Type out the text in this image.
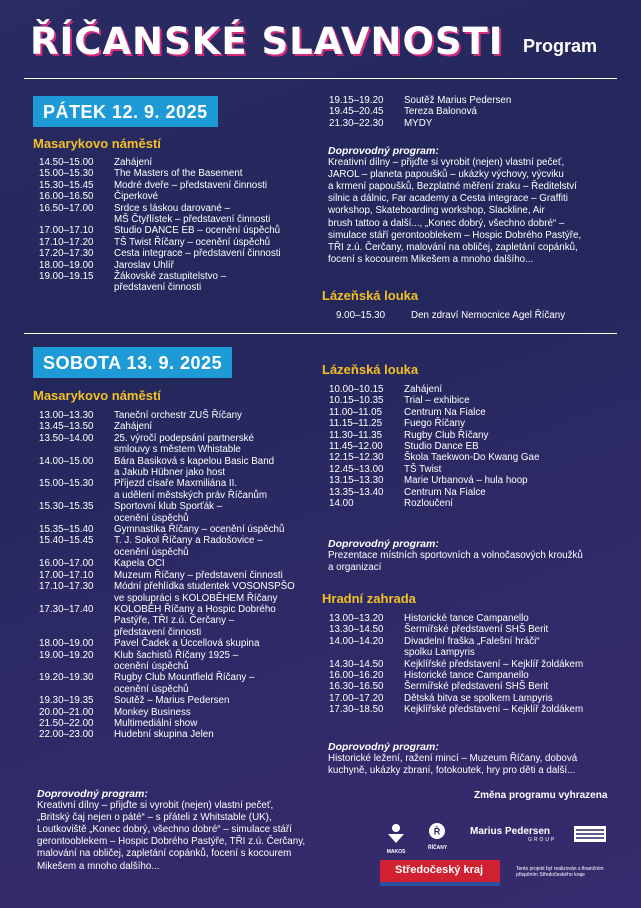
ŘÍČANSKÉ SLAVNOSTI Program
PÁTEK 12. 9. 2025
Masarykovo náměstí
14.50–15.00	Zahájení
15.00–15.30	The Masters of the Basement
15.30–15.45	Modré dveře – představení činnosti
16.00–16.50	Čiperkové
16.50–17.00	Srdce s láskou darované –
MŠ Čtyřlístek – představení činnosti
17.00–17.10	Studio DANCE EB – ocenění úspěchů
17.10–17.20	TŠ Twist Říčany – ocenění úspěchů
17.20–17.30	Cesta integrace – představení činnosti
18.00–19.00	Jaroslav Uhlíř
19.00–19.15	Žákovské zastupitelstvo –
představení činnosti
19.15–19.20	Soutěž Marius Pedersen
19.45–20.45	Tereza Balonová
21.30–22.30	MYDY
Doprovodný program:
Kreativní dílny – přijďte si vyrobit (nejen) vlastní pečeť,
JAROL – planeta papoušků – ukázky výchovy, výcviku
a krmení papoušků, Bezplatné měření zraku – Ředitelství
silnic a dálnic, Far academy a Cesta integrace – Graffiti
workshop, Skateboarding workshop, Slackline, Air
brush tattoo a další..., „Konec dobrý, všechno dobré“ –
simulace stáří gerontooblekem – Hospic Dobrého Pastýře,
TŘI z.ú. Čerčany, malování na obličej, zapletání copánků,
focení s kocourem Mikešem a mnoho dalšího...
Lázeňská louka
9.00–15.30	Den zdraví Nemocnice Agel Říčany
SOBOTA 13. 9. 2025
Masarykovo náměstí
13.00–13.30	Taneční orchestr ZUŠ Říčany
13.45–13.50	Zahájení
13.50–14.00	25. výročí podepsání partnerské
smlouvy s městem Whistable
14.00–15.00	Bára Basiková s kapelou Basic Band
a Jakub Hübner jako host
15.00–15.30	Příjezd císaře Maxmiliána II.
a udělení městských práv Říčanům
15.30–15.35	Sportovní klub Sporťák –
ocenění úspěchů
15.35–15.40	Gymnastika Říčany – ocenění úspěchů
15.40–15.45	T. J. Sokol Říčany a Radošovice –
ocenění úspěchů
16.00–17.00	Kapela OCI
17.00–17.10	Muzeum Říčany – představení činnosti
17.10–17.30	Módní přehlídka studentek VOSONSPŠO
ve spolupráci s KOLOBĚHEM Říčany
17.30–17.40	KOLOBĚH Říčany a Hospic Dobrého
Pastýře, TŘI z.ú. Čerčany –
představení činnosti
18.00–19.00	Pavel Čadek a Úccellová skupina
19.00–19.20	Klub šachistů Říčany 1925 –
ocenění úspěchů
19.20–19.30	Rugby Club Mountfield Říčany –
ocenění úspěchů
19.30–19.35	Soutěž – Marius Pedersen
20.00–21.00	Monkey Business
21.50–22.00	Multimediální show
22.00–23.00	Hudební skupina Jelen
Doprovodný program:
Kreativní dílny – přijďte si vyrobit (nejen) vlastní pečeť,
„Britský čaj nejen o páté“ – s přáteli z Whitstable (UK),
Loutkoviště „Konec dobrý, všechno dobré“ – simulace stáří
gerontooblekem – Hospic Dobrého Pastýře, TŘI z.ú. Čerčany,
malování na obličej, zapletání copánků, focení s kocourem
Mikešem a mnoho dalšího...
Lázeňská louka
10.00–10.15	Zahájení
10.15–10.35	Trial – exhibice
11.00–11.05	Centrum Na Fialce
11.15–11.25	Fuego Říčany
11.30–11.35	Rugby Club Říčany
11.45–12.00	Studio Dance EB
12.15–12.30	Škola Taekwon-Do Kwang Gae
12.45–13.00	TŠ Twist
13.15–13.30	Marie Urbanová – hula hoop
13.35–13.40	Centrum Na Fialce
14.00	Rozloučení
Doprovodný program:
Prezentace místních sportovních a volnočasových kroužků
a organizací
Hradní zahrada
13.00–13.20	Historické tance Campanello
13.30–14.50	Šermířské představení SHŠ Berit
14.00–14.20	Divadelní fraška „Falešní hráči“
spolku Lampyris
14.30–14.50	Kejklířské představení – Kejklíř žoldákem
16.00–16.20	Historické tance Campanello
16.30–16.50	Šermířské představení SHŠ Berit
17.00–17.20	Dětská bitva se spolkem Lampyris
17.30–18.50	Kejklířské představení – Kejklíř žoldákem
Doprovodný program:
Historické ležení, ražení mincí – Muzeum Říčany, dobová
kuchyně, ukázky zbraní, fotokoutek, hry pro děti a další...
Změna programu vyhrazena
MAKOS
Ř
ŘÍČANY
Marius Pedersen
GROUP
Středočeský kraj	Tento projekt byl realizován s finančním
přispěním Středočeského kraje
